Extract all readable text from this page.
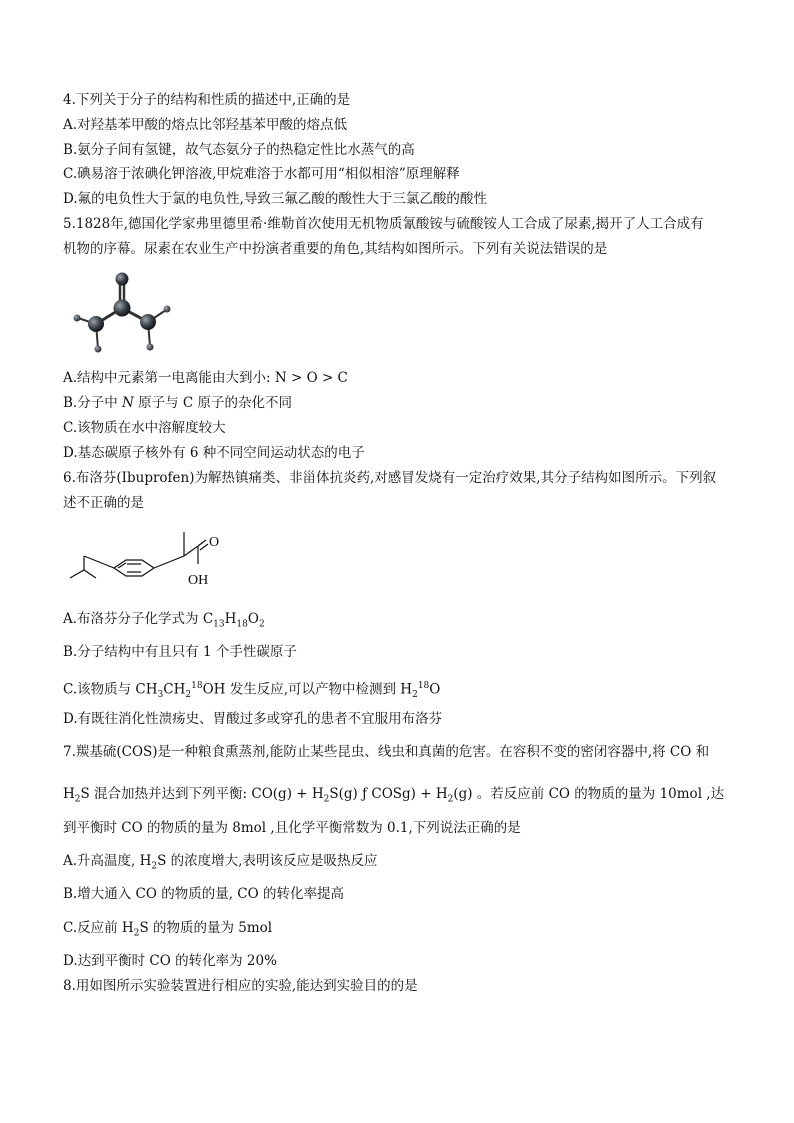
4.下列关于分子的结构和性质的描述中,正确的是
A.对羟基苯甲酸的熔点比邻羟基苯甲酸的熔点低
B.氨分子间有氢键，故气态氨分子的热稳定性比水蒸气的高
C.碘易溶于浓碘化钾溶液,甲烷难溶于水都可用“相似相溶”原理解释
D.氟的电负性大于氯的电负性,导致三氟乙酸的酸性大于三氯乙酸的酸性
5.1828年,德国化学家弗里德里希·维勒首次使用无机物质氰酸铵与硫酸铵人工合成了尿素,揭开了人工合成有
机物的序幕。尿素在农业生产中扮演者重要的角色,其结构如图所示。下列有关说法错误的是
A.结构中元素第一电离能由大到小: N > O > C
B.分子中 N 原子与 C 原子的杂化不同
C.该物质在水中溶解度较大
D.基态碳原子核外有 6 种不同空间运动状态的电子
6.布洛芬(Ibuprofen)为解热镇痛类、非甾体抗炎药,对感冒发烧有一定治疗效果,其分子结构如图所示。下列叙
述不正确的是
O
OH
A.布洛芬分子化学式为 $C_{13}H_{18}O_2$
B.分子结构中有且只有 1 个手性碳原子
C.该物质与 $CH_3CH_2^{18}OH$ 发生反应,可以产物中检测到 $H_2^{18}O$
D.有既往消化性溃疡史、胃酸过多或穿孔的患者不宜服用布洛芬
7.羰基硫(COS)是一种粮食熏蒸剂,能防止某些昆虫、线虫和真菌的危害。在容积不变的密闭容器中,将 CO 和
$H_2S$ 混合加热并达到下列平衡: $CO(g) + H_2S(g)$ ƒ COSg) + $H_2(g)$ 。若反应前 CO 的物质的量为 10mol ,达
到平衡时 CO 的物质的量为 8mol ,且化学平衡常数为 0.1,下列说法正确的是
A.升高温度, $H_2S$ 的浓度增大,表明该反应是吸热反应
B.增大通入 CO 的物质的量, CO 的转化率提高
C.反应前 $H_2S$ 的物质的量为 5mol
D.达到平衡时 CO 的转化率为 20%
8.用如图所示实验装置进行相应的实验,能达到实验目的的是
